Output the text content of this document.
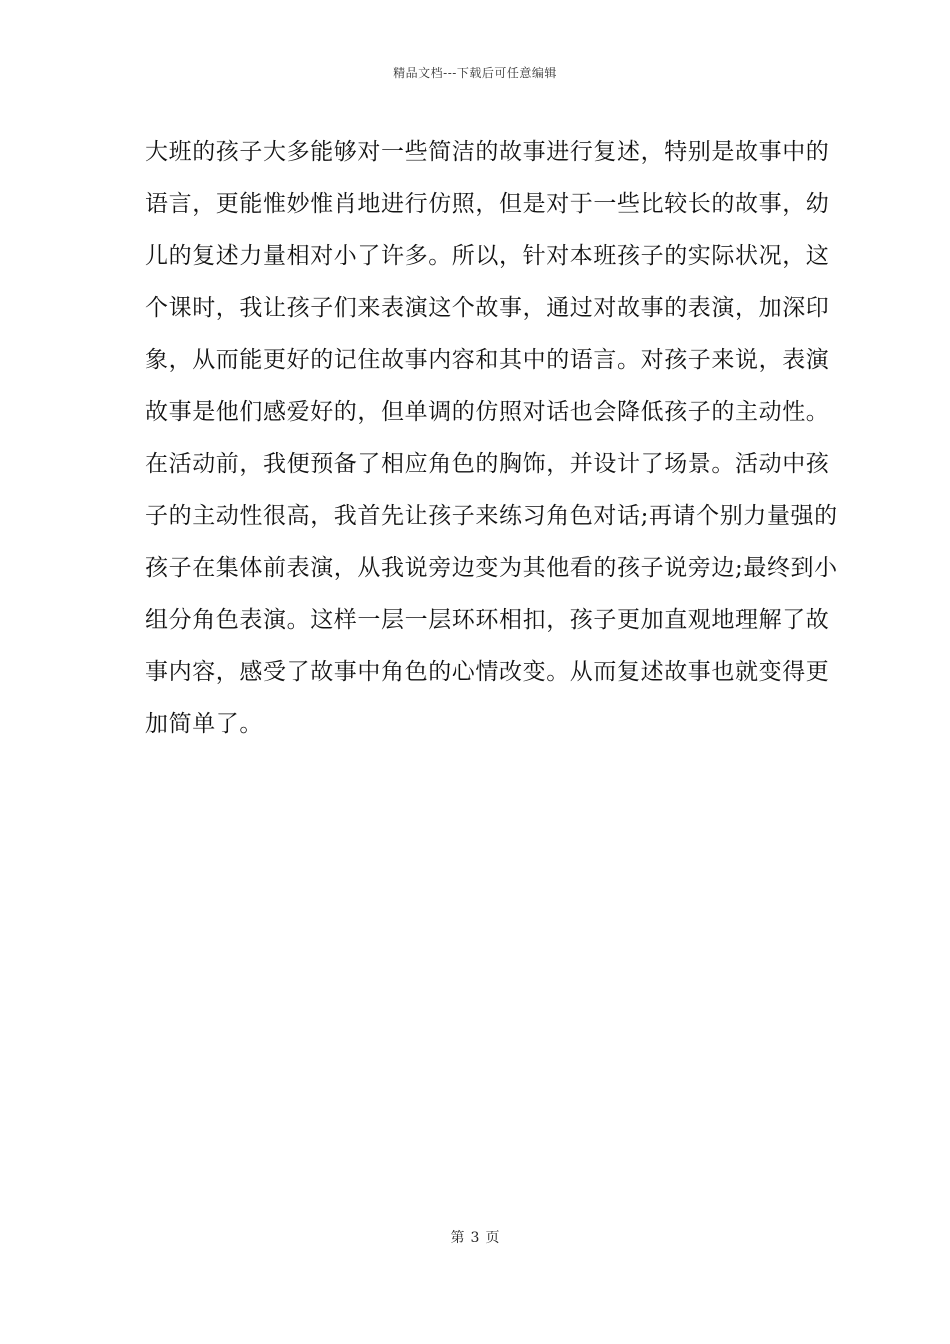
精品文档---下载后可任意编辑
大班的孩子大多能够对一些简洁的故事进行复述，特别是故事中的
语言，更能惟妙惟肖地进行仿照，但是对于一些比较长的故事，幼
儿的复述力量相对小了许多。所以，针对本班孩子的实际状况，这
个课时，我让孩子们来表演这个故事，通过对故事的表演，加深印
象，从而能更好的记住故事内容和其中的语言。对孩子来说，表演
故事是他们感爱好的，但单调的仿照对话也会降低孩子的主动性。
在活动前，我便预备了相应角色的胸饰，并设计了场景。活动中孩
子的主动性很高，我首先让孩子来练习角色对话;再请个别力量强的
孩子在集体前表演，从我说旁边变为其他看的孩子说旁边;最终到小
组分角色表演。这样一层一层环环相扣，孩子更加直观地理解了故
事内容，感受了故事中角色的心情改变。从而复述故事也就变得更
加简单了。
第 3 页
